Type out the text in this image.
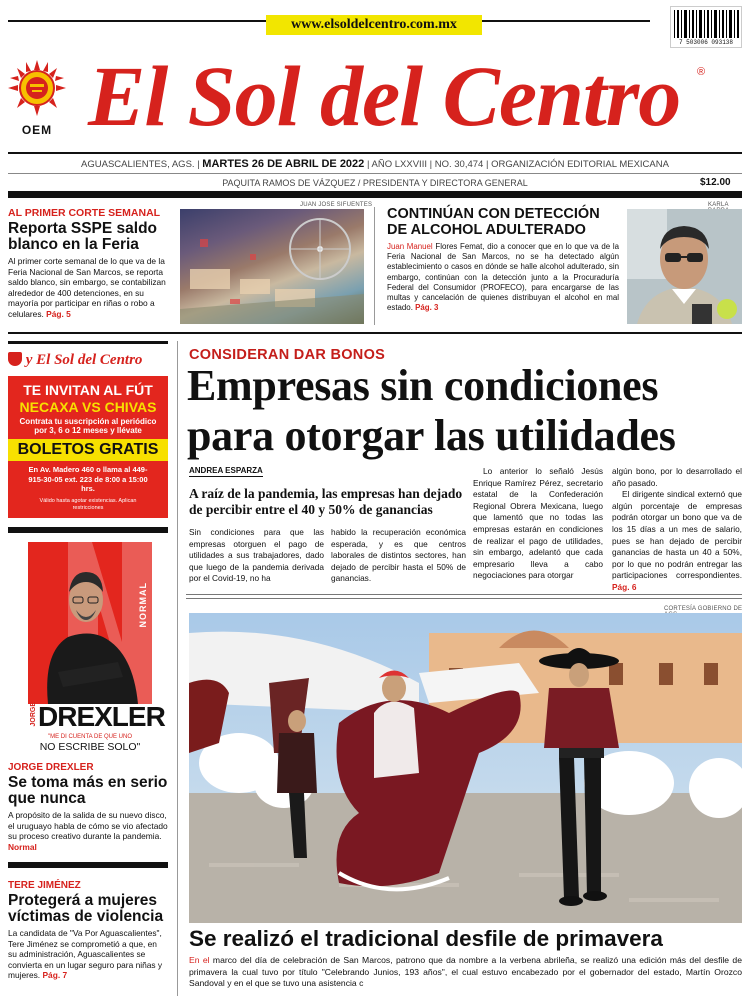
www.elsoldelcentro.com.mx
7 503006 093138
OEM El Sol del Centro	®
AGUASCALIENTES, AGS. | MARTES 26 DE ABRIL DE 2022 | AÑO LXXVIII | NO. 30,474 | ORGANIZACIÓN EDITORIAL MEXICANA
PAQUITA RAMOS DE VÁZQUEZ / PRESIDENTA Y DIRECTORA GENERAL	$12.00
AL PRIMER CORTE SEMANAL
Reporta SSPE saldo blanco en la Feria
Al primer corte semanal de lo que va de la Feria Nacional de San Marcos, se reporta saldo blanco, sin embargo, se contabilizan alrededor de 400 detenciones, en su mayoría por participar en riñas o robo a celulares. Pág. 5
JUAN JOSE SIFUENTES
CONTINÚAN CON DETECCIÓN DE ALCOHOL ADULTERADO

Juan Manuel Flores Femat, dio a conocer que en lo que va de la Feria Nacional de San Marcos, no se ha detectado algún establecimiento o casos en dónde se halle alcohol adulterado, sin embargo, continúan con la detección junto a la Procuraduría Federal del Consumidor (PROFECO), para encargarse de las multas y cancelación de quienes distribuyan el alcohol en mal estado. Pág. 3

KARLA
y El Sol del Centro
TE INVITAN AL FÚT
NECAXA VS CHIVAS
Contrata tu suscripción al periódico por 3, 6 o 12 meses y llévate
BOLETOS GRATIS
En Av. Madero 460 o llama al 449-915-30-05 ext. 223 de 8:00 a 15:00 hrs.
Válido hasta agotar existencias. Aplican restricciones
NORMAL
JORGE DREXLER
"ME DI CUENTA DE QUE UNO
NO ESCRIBE SOLO"
JORGE DREXLER
Se toma más en serio que nunca
A propósito de la salida de su nuevo disco, el uruguayo habla de cómo se vio afectado su proceso creativo durante la pandemia. Normal
TERE JIMÉNEZ
Protegerá a mujeres víctimas de violencia
La candidata de "Va Por Aguascalientes", Tere Jiménez se comprometió a que, en su administración, Aguascalientes se convierta en un lugar seguro para niñas y mujeres. Pág. 7
CONSIDERAN DAR BONOS
Empresas sin condiciones para otorgar las utilidades
ANDREA ESPARZA
A raíz de la pandemia, las empresas han dejado de percibir entre el 40 y 50% de ganancias

Sin condiciones para que las empresas otorguen el pago de utilidades a sus trabajadores, dado que luego de la pandemia derivada por el Covid-19, no ha

habido la recuperación económica esperada, y es que centros laborales de distintos sectores, han dejado de percibir hasta el 50% de ganancias.

Lo anterior lo señaló Jesús Enrique Ramírez Pérez, secretario estatal de la Confederación Regional Obrera Mexicana, luego que lamentó que no todas las empresas estarán en condiciones de realizar el pago de utilidades, sin embargo, adelantó que cada empresario lleva a cabo negociaciones para otorgar

algún bono, por lo desarrollado el año pasado.

El dirigente sindical externó que algún porcentaje de empresas podrán otorgar un bono que va de los 15 días a un mes de salario, pues se han dejado de percibir ganancias de hasta un 40 a 50%, por lo que no podrán entregar las participaciones correspondientes. Pág. 6

CORTESÍA GOBIERNO DE
Se realizó el tradicional desfile de primavera

En el marco del día de celebración de San Marcos, patrono que da nombre a la verbena abrileña, se realizó una edición más del desfile de primavera la cual tuvo por título "Celebrando Junios, 193 años", el cual estuvo encabezado por el gobernador del estado, Martín Orozco Sandoval y en el que se tuvo una asistencia c
